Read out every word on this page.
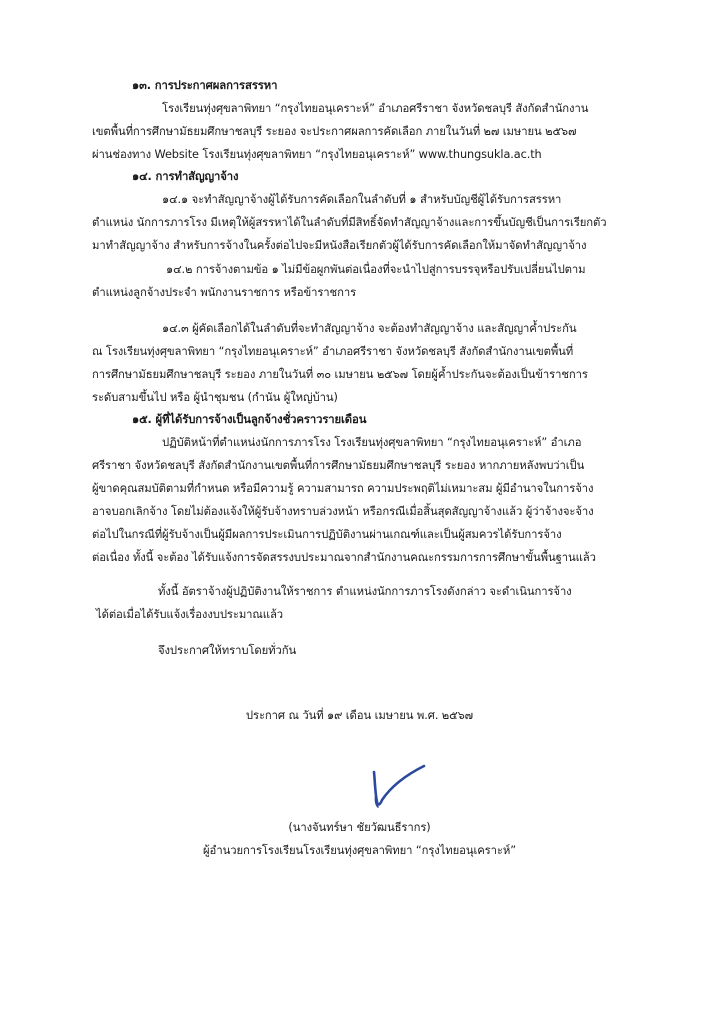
๑๓. การประกาศผลการสรรหา
โรงเรียนทุ่งศุขลาพิทยา “กรุงไทยอนุเคราะห์” อำเภอศรีราชา จังหวัดชลบุรี สังกัดสำนักงาน
เขตพื้นที่การศึกษามัธยมศึกษาชลบุรี ระยอง จะประกาศผลการคัดเลือก ภายในวันที่ ๒๗ เมษายน ๒๕๖๗
ผ่านช่องทาง Website โรงเรียนทุ่งศุขลาพิทยา “กรุงไทยอนุเคราะห์” www.thungsukla.ac.th
๑๔. การทำสัญญาจ้าง
๑๔.๑ จะทำสัญญาจ้างผู้ได้รับการคัดเลือกในลำดับที่ ๑ สำหรับบัญชีผู้ได้รับการสรรหา
ตำแหน่ง นักการภารโรง มีเหตุให้ผู้สรรหาได้ในลำดับที่มีสิทธิ์จัดทำสัญญาจ้างและการขึ้นบัญชีเป็นการเรียกตัว
มาทำสัญญาจ้าง สำหรับการจ้างในครั้งต่อไปจะมีหนังสือเรียกตัวผู้ได้รับการคัดเลือกให้มาจัดทำสัญญาจ้าง
๑๔.๒ การจ้างตามข้อ ๑ ไม่มีข้อผูกพันต่อเนื่องที่จะนำไปสู่การบรรจุหรือปรับเปลี่ยนไปตาม
ตำแหน่งลูกจ้างประจำ พนักงานราชการ หรือข้าราชการ
๑๔.๓ ผู้คัดเลือกได้ในลำดับที่จะทำสัญญาจ้าง จะต้องทำสัญญาจ้าง และสัญญาค้ำประกัน
ณ โรงเรียนทุ่งศุขลาพิทยา “กรุงไทยอนุเคราะห์” อำเภอศรีราชา จังหวัดชลบุรี สังกัดสำนักงานเขตพื้นที่
การศึกษามัธยมศึกษาชลบุรี ระยอง ภายในวันที่ ๓๐ เมษายน ๒๕๖๗ โดยผู้ค้ำประกันจะต้องเป็นข้าราชการ
ระดับสามขึ้นไป หรือ ผู้นำชุมชน (กำนัน ผู้ใหญ่บ้าน)
๑๕. ผู้ที่ได้รับการจ้างเป็นลูกจ้างชั่วคราวรายเดือน
ปฏิบัติหน้าที่ตำแหน่งนักการภารโรง โรงเรียนทุ่งศุขลาพิทยา “กรุงไทยอนุเคราะห์” อำเภอ
ศรีราชา จังหวัดชลบุรี สังกัดสำนักงานเขตพื้นที่การศึกษามัธยมศึกษาชลบุรี ระยอง หากภายหลังพบว่าเป็น
ผู้ขาดคุณสมบัติตามที่กำหนด หรือมีความรู้ ความสามารถ ความประพฤติไม่เหมาะสม ผู้มีอำนาจในการจ้าง
อาจบอกเลิกจ้าง โดยไม่ต้องแจ้งให้ผู้รับจ้างทราบล่วงหน้า หรือกรณีเมื่อสิ้นสุดสัญญาจ้างแล้ว ผู้ว่าจ้างจะจ้าง
ต่อไปในกรณีที่ผู้รับจ้างเป็นผู้มีผลการประเมินการปฏิบัติงานผ่านเกณฑ์และเป็นผู้สมควรได้รับการจ้าง
ต่อเนื่อง ทั้งนี้ จะต้อง ได้รับแจ้งการจัดสรรงบประมาณจากสำนักงานคณะกรรมการการศึกษาขั้นพื้นฐานแล้ว
ทั้งนี้ อัตราจ้างผู้ปฏิบัติงานให้ราชการ ตำแหน่งนักการภารโรงดังกล่าว จะดำเนินการจ้าง
ได้ต่อเมื่อได้รับแจ้งเรื่องงบประมาณแล้ว
จึงประกาศให้ทราบโดยทั่วกัน
ประกาศ ณ วันที่ ๑๙ เดือน เมษายน พ.ศ. ๒๕๖๗
(นางจันทร์ษา ชัยวัฒนธีรากร)
ผู้อำนวยการโรงเรียนโรงเรียนทุ่งศุขลาพิทยา “กรุงไทยอนุเคราะห์”
